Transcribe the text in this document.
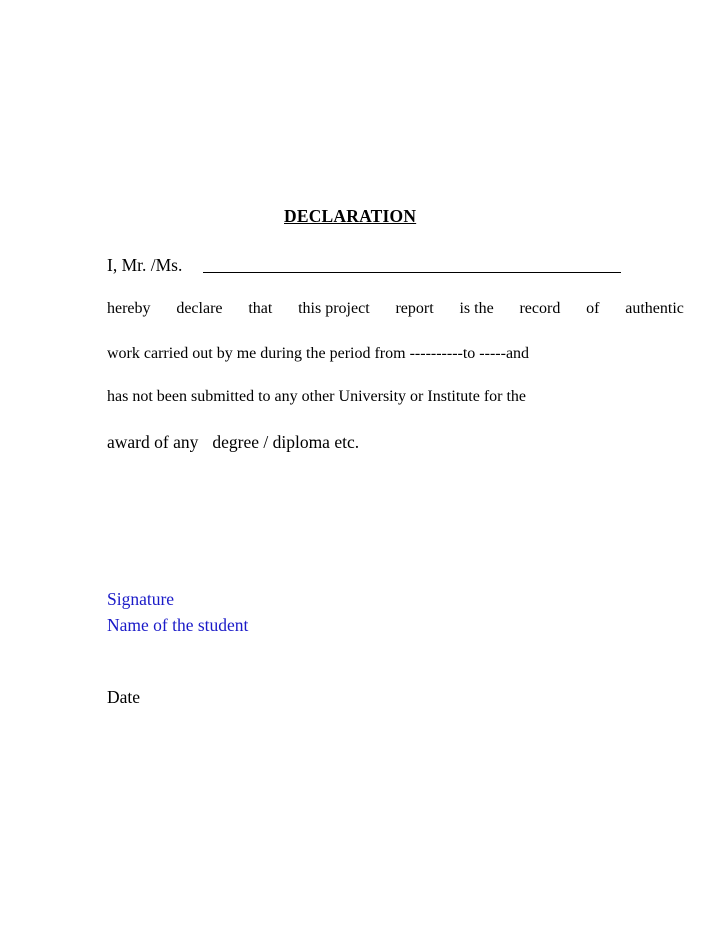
DECLARATION
I, Mr. /Ms.
hereby declare that this project report is the record of authentic
work carried out by me during the period from ----------to -----and
has not been submitted to any other University or Institute for the
award of any degree / diploma etc.
Signature
Name of the student
Date
